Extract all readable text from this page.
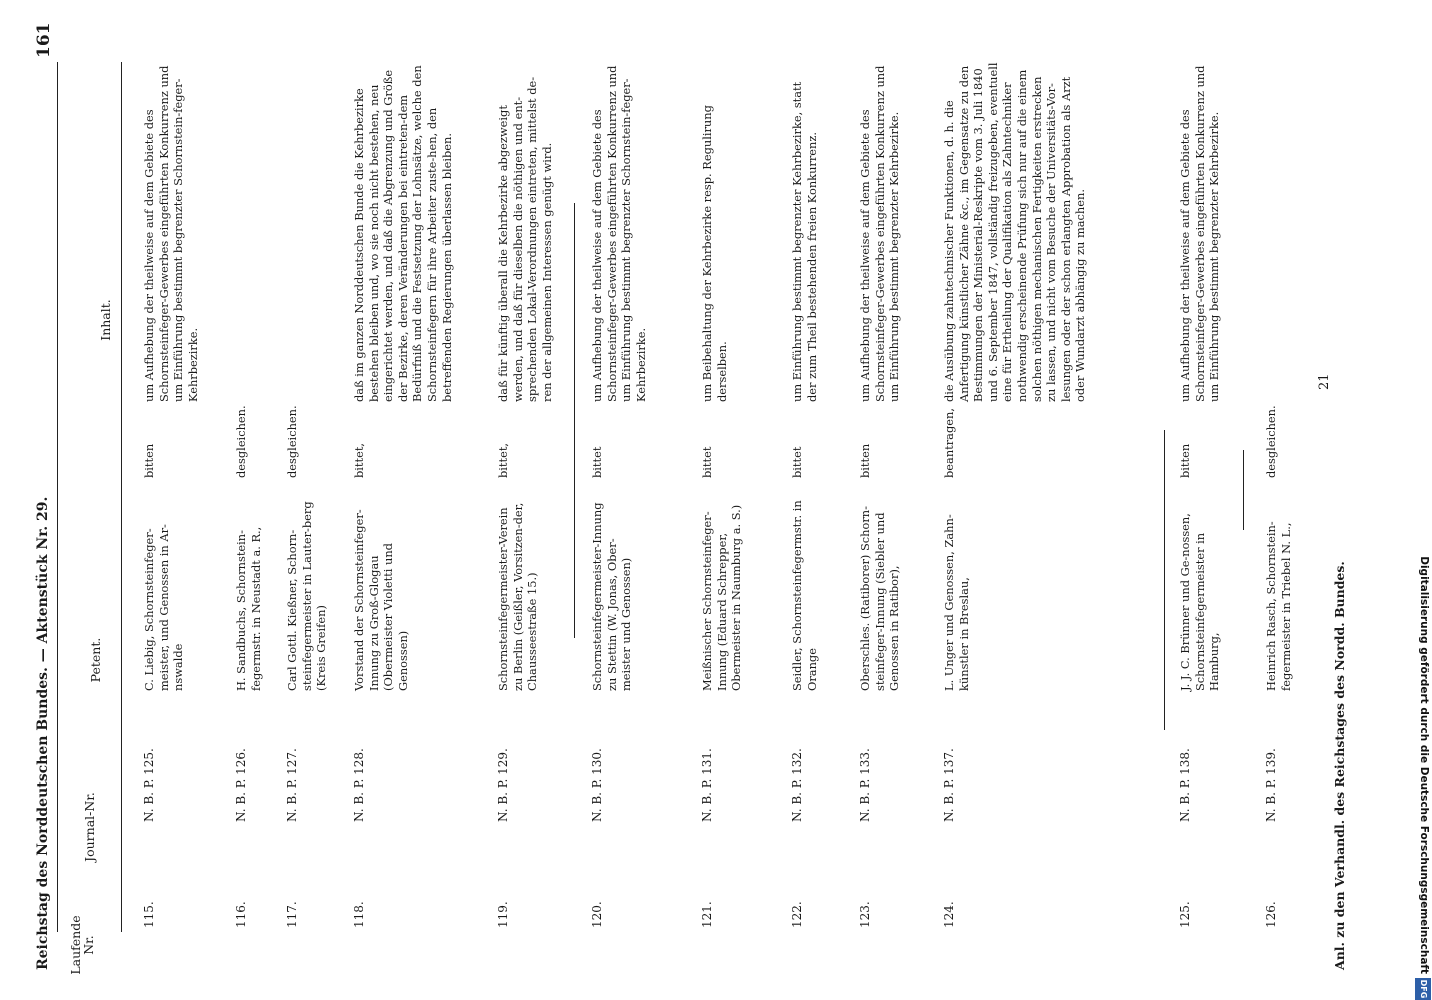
Reichstag des Norddeutschen Bundes. — Aktenstück Nr. 29.
161
Laufende Nr.
Journal-Nr.
Petent.
Inhalt.
115.
N. B. P. 125.
C. Liebig, Schornsteinfeger-meister, und Genossen in Ar-nswalde
bitten
um Aufhebung der theilweise auf dem Gebiete des Schornsteinfeger-Gewerbes eingeführten Konkurrenz und um Einführung bestimmt begrenzter Schornstein-feger-Kehrbezirke.
116.
N. B. P. 126.
H. Sandbuchs, Schornstein-fegermstr. in Neustadt a. R.,
desgleichen.
117.
N. B. P. 127.
Carl Gottl. Kießner, Schorn-steinfegermeister in Lauter-berg (Kreis Greifen)
desgleichen.
118.
N. B. P. 128.
Vorstand der Schornsteinfeger-Innung zu Groß-Glogau (Obermeister Violetti und Genossen)
bittet,
daß im ganzen Norddeutschen Bunde die Kehrbezirke bestehen bleiben und, wo sie noch nicht bestehen, neu eingerichtet werden, und daß die Abgrenzung und Größe der Bezirke, deren Veränderungen bei eintreten-dem Bedürfniß und die Festsetzung der Lohnsätze, welche den Schornsteinfegern für ihre Arbeiter zuste-hen, den betreffenden Regierungen überlassen bleiben.
119.
N. B. P. 129.
Schornsteinfegermeister-Verein zu Berlin (Geißler, Vorsitzen-der, Chausseestraße 15.)
bittet,
daß für künftig überall die Kehrbezirke abgezweigt werden, und daß für dieselben die nöthigen und ent-sprechenden Lokal-Verordnungen eintreten, mittelst de-ren der allgemeinen Interessen genügt wird.
120.
N. B. P. 130.
Schornsteinfegermeister-Innung zu Stettin (W. Jonas, Ober-meister und Genossen)
bittet
um Aufhebung der theilweise auf dem Gebiete des Schornsteinfeger-Gewerbes eingeführten Konkurrenz und um Einführung bestimmt begrenzter Schornstein-feger-Kehrbezirke.
121.
N. B. P. 131.
Meißnischer Schornsteinfeger-Innung (Eduard Schrepper, Obermeister in Naumburg a. S.)
bittet
um Beibehaltung der Kehrbezirke resp. Regulirung derselben.
122.
N. B. P. 132.
Seidler, Schornsteinfegermstr. in Orange
bittet
um Einführung bestimmt begrenzter Kehrbezirke, statt der zum Theil bestehenden freien Konkurrenz.
123.
N. B. P. 133.
Oberschles. (Ratiborer) Schorn-steinfeger-Innung (Siebler und Genossen in Ratibor),
bitten
um Aufhebung der theilweise auf dem Gebiete des Schornsteinfeger-Gewerbes eingeführten Konkurrenz und um Einführung bestimmt begrenzter Kehrbezirke.
124.
N. B. P. 137.
L. Unger und Genossen, Zahn-künstler in Breslau,
beantragen,
die Ausübung zahntechnischer Funktionen, d. h. die Anfertigung künstlicher Zähne &c., im Gegensatze zu den Bestimmungen der Ministerial-Reskripte vom 3. Juli 1840 und 6. September 1847, vollständig freizugeben, eventuell eine für Ertheilung der Qualifikation als Zahntechniker nothwendig erscheinende Prüfung sich nur auf die einem solchen nöthigen mechanischen Fertigkeiten erstrecken zu lassen, und nicht vom Besuche der Universitäts-Vor-lesungen oder der schon erlangten Approbation als Arzt oder Wundarzt abhängig zu machen.
125.
N. B. P. 138.
J. J. C. Brünner und Ge-nossen, Schornsteinfegermeister in Hamburg,
bitten
um Aufhebung der theilweise auf dem Gebiete des Schornsteinfeger-Gewerbes eingeführten Konkurrenz und um Einführung bestimmt begrenzter Kehrbezirke.
126.
N. B. P. 139.
Heinrich Rasch, Schornstein-fegermeister in Triebel N. L.,
desgleichen.
Anl. zu den Verhandl. des Reichstages des Nordd. Bundes.
21
Digitalisierung gefördert durch die Deutsche Forschungsgemeinschaft
DFG
